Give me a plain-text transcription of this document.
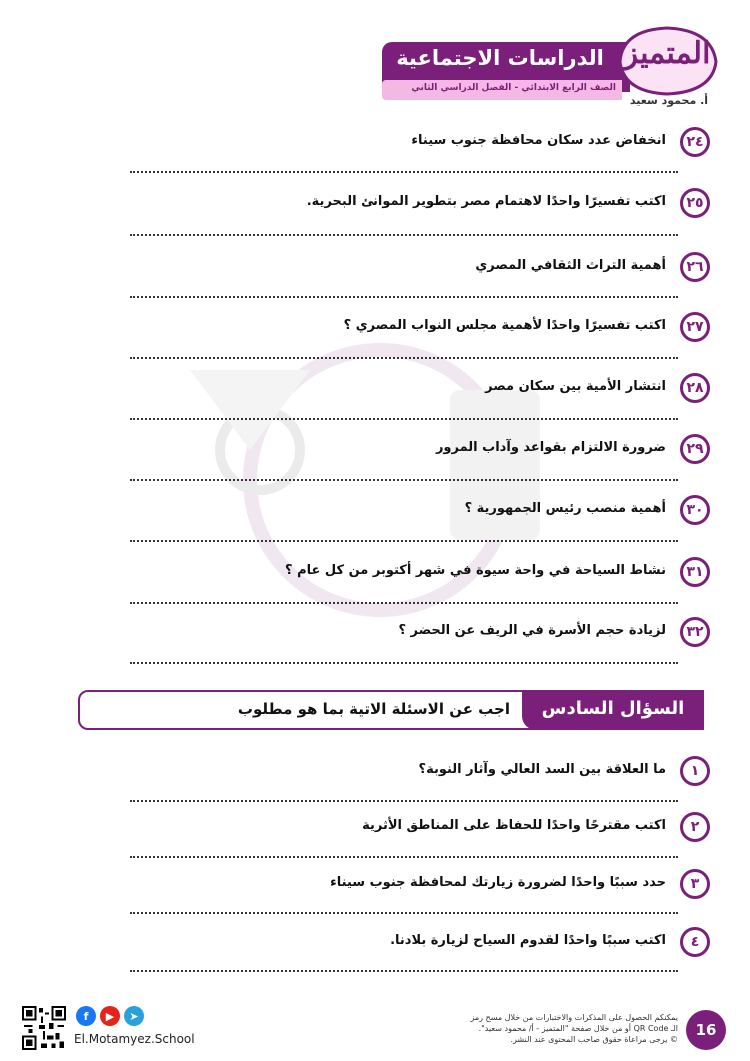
الدراسات الاجتماعية
الصف الرابع الابتدائي - الفصل الدراسي الثاني
المتميز
أ. محمود سعيد
٢٤
انخفاض عدد سكان محافظة جنوب سيناء
٢٥
اكتب تفسيرًا واحدًا لاهتمام مصر بتطوير الموانئ البحرية.
٢٦
أهمية التراث الثقافي المصري
٢٧
اكتب تفسيرًا واحدًا لأهمية مجلس النواب المصري ؟
٢٨
انتشار الأمية بين سكان مصر
٢٩
ضرورة الالتزام بقواعد وآداب المرور
٣٠
أهمية منصب رئيس الجمهورية ؟
٣١
نشاط السياحة في واحة سيوة في شهر أكتوبر من كل عام ؟
٣٢
لزيادة حجم الأسرة في الريف عن الحضر ؟
السؤال السادس
اجب عن الاسئلة الاتية بما هو مطلوب
١
ما العلاقة بين السد العالي وآثار النوبة؟
٢
اكتب مقترحًا واحدًا للحفاظ على المناطق الأثرية
٣
حدد سببًا واحدًا لضرورة زيارتك لمحافظة جنوب سيناء
٤
اكتب سببًا واحدًا لقدوم السياح لزيارة بلادنا.
16
يمكنكم الحصول على المذكرات والاختبارات من خلال مسح رمز
الـ QR Code أو من خلال صفحة "المتميز - أ/ محمود سعيد".
© يرجى مراعاة حقوق صاحب المحتوى عند النشر.
f	▶	➤
El.Motamyez.School
